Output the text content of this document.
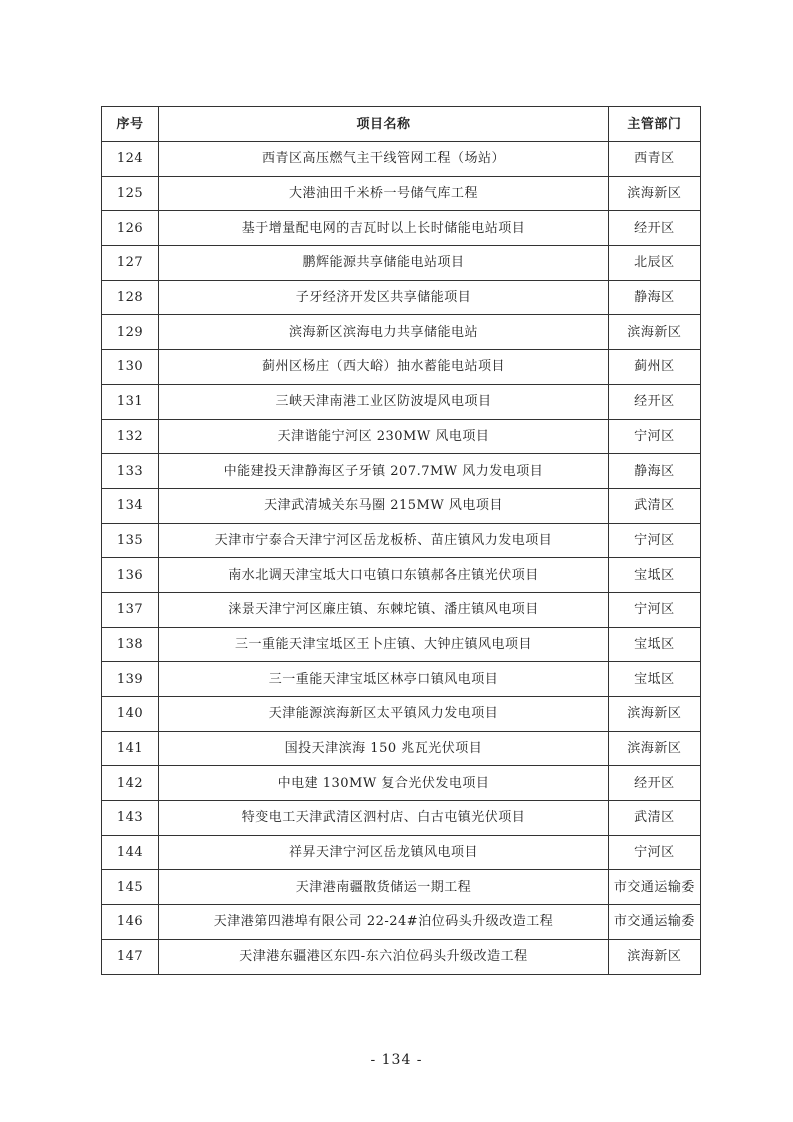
序号	项目名称	主管部门
124	西青区高压燃气主干线管网工程（场站）	西青区
125	大港油田千米桥一号储气库工程	滨海新区
126	基于增量配电网的吉瓦时以上长时储能电站项目	经开区
127	鹏辉能源共享储能电站项目	北辰区
128	子牙经济开发区共享储能项目	静海区
129	滨海新区滨海电力共享储能电站	滨海新区
130	蓟州区杨庄（西大峪）抽水蓄能电站项目	蓟州区
131	三峡天津南港工业区防波堤风电项目	经开区
132	天津谐能宁河区 230MW 风电项目	宁河区
133	中能建投天津静海区子牙镇 207.7MW 风力发电项目	静海区
134	天津武清城关东马圈 215MW 风电项目	武清区
135	天津市宁泰合天津宁河区岳龙板桥、苗庄镇风力发电项目	宁河区
136	南水北调天津宝坻大口屯镇口东镇郝各庄镇光伏项目	宝坻区
137	涞景天津宁河区廉庄镇、东棘坨镇、潘庄镇风电项目	宁河区
138	三一重能天津宝坻区王卜庄镇、大钟庄镇风电项目	宝坻区
139	三一重能天津宝坻区林亭口镇风电项目	宝坻区
140	天津能源滨海新区太平镇风力发电项目	滨海新区
141	国投天津滨海 150 兆瓦光伏项目	滨海新区
142	中电建 130MW 复合光伏发电项目	经开区
143	特变电工天津武清区泗村店、白古屯镇光伏项目	武清区
144	祥昇天津宁河区岳龙镇风电项目	宁河区
145	天津港南疆散货储运一期工程	市交通运输委
146	天津港第四港埠有限公司 22-24#泊位码头升级改造工程	市交通运输委
147	天津港东疆港区东四-东六泊位码头升级改造工程	滨海新区
- 134 -
